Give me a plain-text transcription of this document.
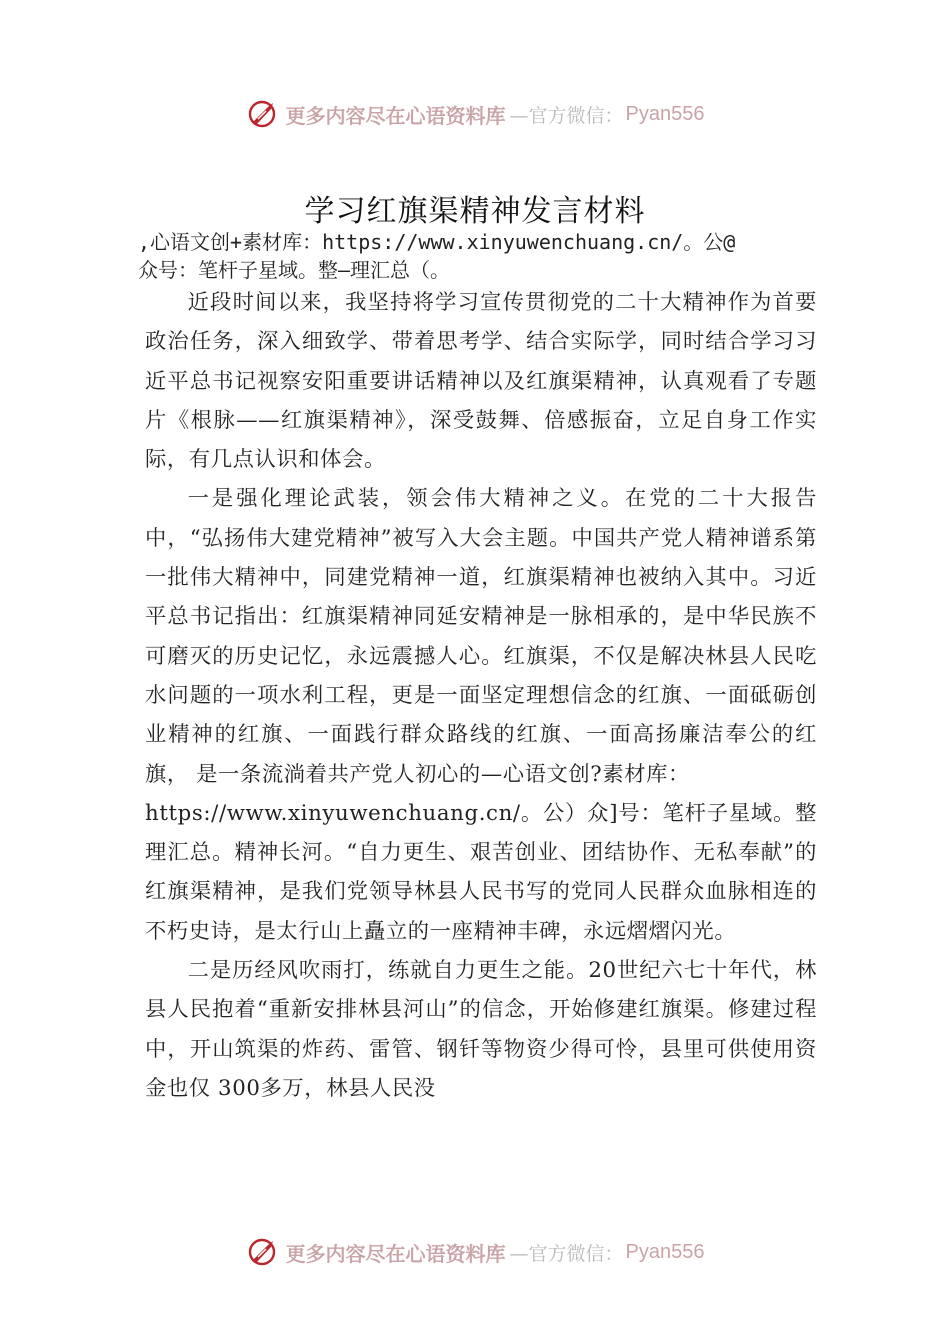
更多内容尽在心语资料库 —官方微信： Pyan556
学习红旗渠精神发言材料
,心语文创+素材库：https://www.xinyuwenchuang.cn/。公@
众号：笔杆子星域。整—理汇总（。

近段时间以来，我坚持将学习宣传贯彻党的二十大精神作为首要政治任务，深入细致学、带着思考学、结合实际学，同时结合学习习近平总书记视察安阳重要讲话精神以及红旗渠精神，认真观看了专题片《根脉——红旗渠精神》，深受鼓舞、倍感振奋，立足自身工作实际，有几点认识和体会。

一是强化理论武装，领会伟大精神之义。在党的二十大报告中，“弘扬伟大建党精神”被写入大会主题。中国共产党人精神谱系第一批伟大精神中，同建党精神一道，红旗渠精神也被纳入其中。习近平总书记指出：红旗渠精神同延安精神是一脉相承的，是中华民族不可磨灭的历史记忆，永远震撼人心。红旗渠，不仅是解决林县人民吃水问题的一项水利工程，更是一面坚定理想信念的红旗、一面砥砺创业精神的红旗、一面践行群众路线的红旗、一面高扬廉洁奉公的红旗， 是一条流淌着共产党人初心的—心语文创?素材库：

https://www.xinyuwenchuang.cn/。公）众]号：笔杆子星域。整理汇总。精神长河。“自力更生、艰苦创业、团结协作、无私奉献”的红旗渠精神，是我们党领导林县人民书写的党同人民群众血脉相连的不朽史诗，是太行山上矗立的一座精神丰碑，永远熠熠闪光。

二是历经风吹雨打，练就自力更生之能。20世纪六七十年代，林县人民抱着“重新安排林县河山”的信念，开始修建红旗渠。修建过程中，开山筑渠的炸药、雷管、钢钎等物资少得可怜，县里可供使用资金也仅 300多万，林县人民没

更多内容尽在心语资料库 —官方微信： Pyan556
